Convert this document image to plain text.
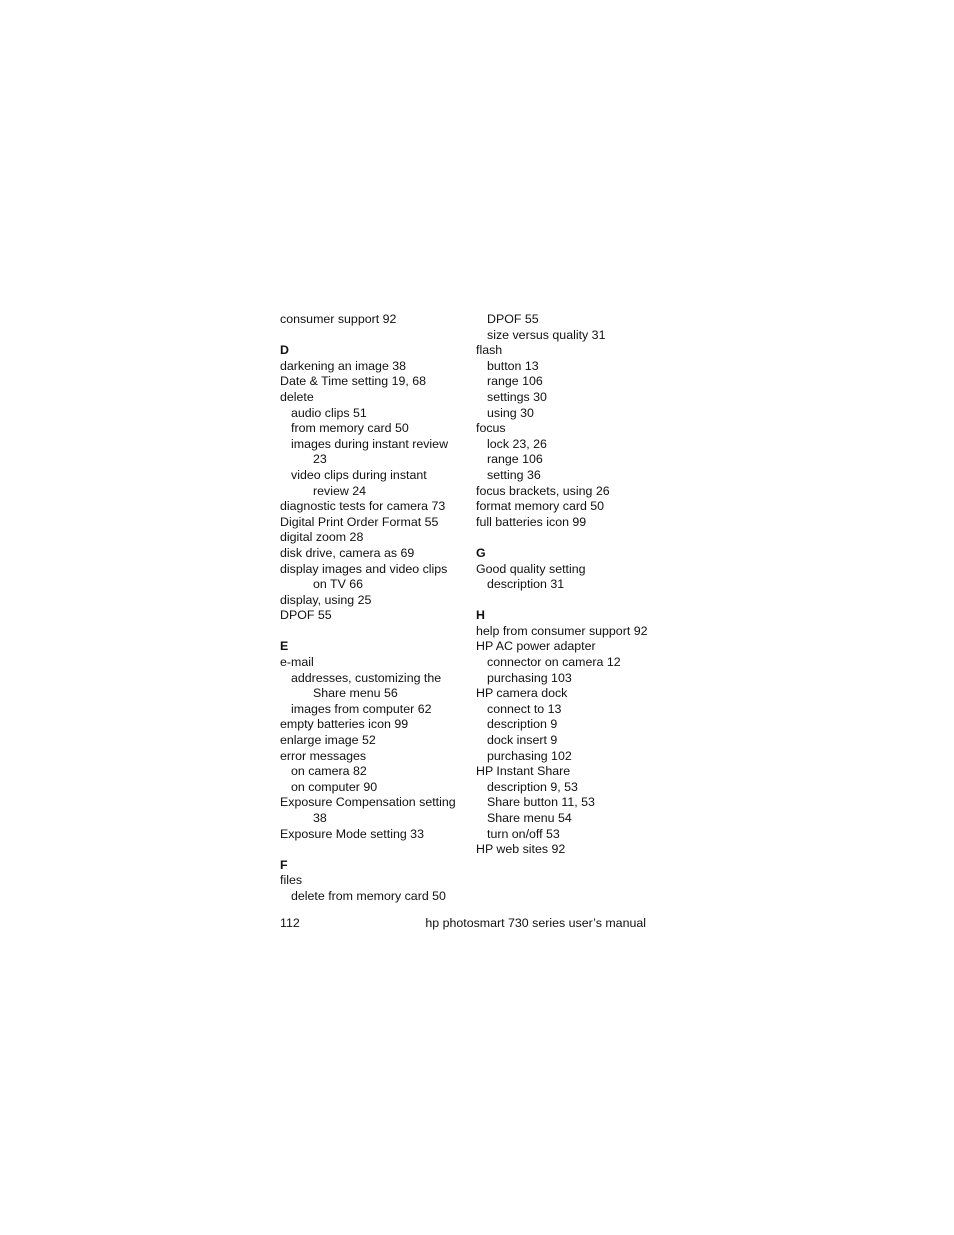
consumer support 92
D
darkening an image 38
Date & Time setting 19, 68
delete
audio clips 51
from memory card 50
images during instant review
23
video clips during instant
review 24
diagnostic tests for camera 73
Digital Print Order Format 55
digital zoom 28
disk drive, camera as 69
display images and video clips
on TV 66
display, using 25
DPOF 55
E
e-mail
addresses, customizing the
Share menu 56
images from computer 62
empty batteries icon 99
enlarge image 52
error messages
on camera 82
on computer 90
Exposure Compensation setting
38
Exposure Mode setting 33
F
files
delete from memory card 50
DPOF 55
size versus quality 31
flash
button 13
range 106
settings 30
using 30
focus
lock 23, 26
range 106
setting 36
focus brackets, using 26
format memory card 50
full batteries icon 99
G
Good quality setting
description 31
H
help from consumer support 92
HP AC power adapter
connector on camera 12
purchasing 103
HP camera dock
connect to 13
description 9
dock insert 9
purchasing 102
HP Instant Share
description 9, 53
Share button 11, 53
Share menu 54
turn on/off 53
HP web sites 92
112	hp photosmart 730 series user’s manual
